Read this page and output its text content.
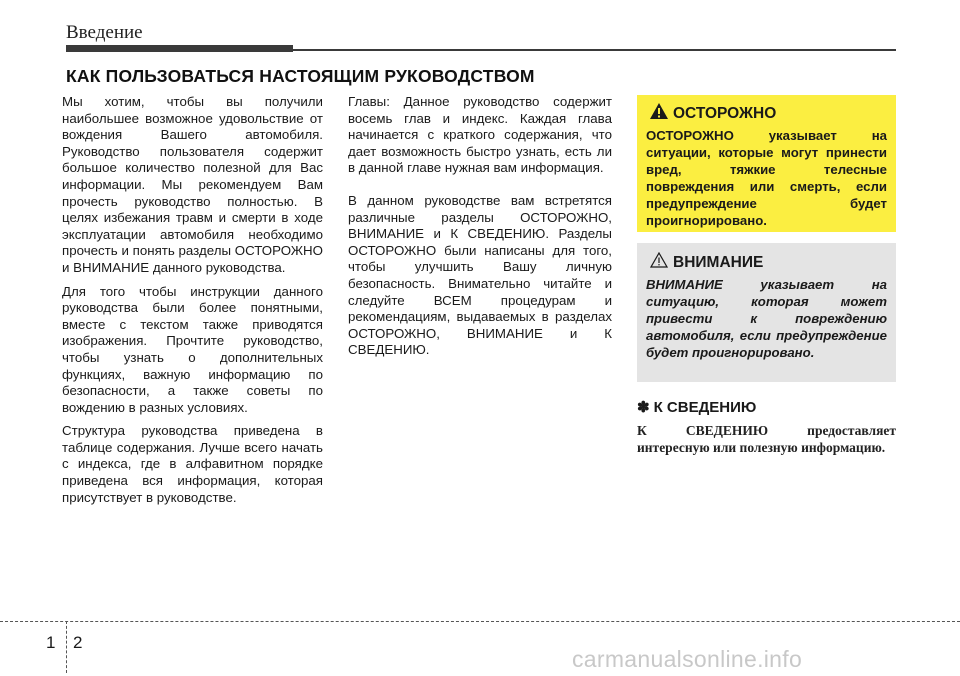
Введение
КАК ПОЛЬЗОВАТЬСЯ НАСТОЯЩИМ РУКОВОДСТВОМ

Мы хотим, чтобы вы получили наибольшее возможное удовольствие от вождения Вашего автомобиля. Руководство пользователя содержит большое количество полезной для Вас информации. Мы рекомендуем Вам прочесть руководство полностью. В целях избежания травм и смерти в ходе эксплуатации автомобиля необходимо прочесть и понять разделы ОСТОРОЖНО и ВНИМАНИЕ данного руководства.

Для того чтобы инструкции данного руководства были более понятными, вместе с текстом также приводятся изображения. Прочтите руководство, чтобы узнать о дополнительных функциях, важную информацию по безопасности, а также советы по вождению в разных условиях.

Структура руководства приведена в таблице содержания. Лучше всего начать с индекса, где в алфавитном порядке приведена вся информация, которая присутствует в руководстве.

Главы: Данное руководство содержит восемь глав и индекс. Каждая глава начинается с краткого содержания, что дает возможность быстро узнать, есть ли в данной главе нужная вам информация.

В данном руководстве вам встретятся различные разделы ОСТОРОЖНО, ВНИМАНИЕ и К СВЕДЕНИЮ. Разделы ОСТОРОЖНО были написаны для того, чтобы улучшить Вашу личную безопасность. Внимательно читайте и следуйте ВСЕМ процедурам и рекомендациям, выдаваемых в разделах ОСТОРОЖНО, ВНИМАНИЕ и К СВЕДЕНИЮ.

ОСТОРОЖНО
ОСТОРОЖНО указывает на ситуации, которые могут принести вред, тяжкие телесные повреждения или смерть, если предупреждение будет проигнорировано.
ВНИМАНИЕ
ВНИМАНИЕ указывает на ситуацию, которая может привести к повреждению автомобиля, если предупреждение будет проигнорировано.
✽ К СВЕДЕНИЮ
К СВЕДЕНИЮ предоставляет интересную или полезную информацию.
1 2
carmanualsonline.info
